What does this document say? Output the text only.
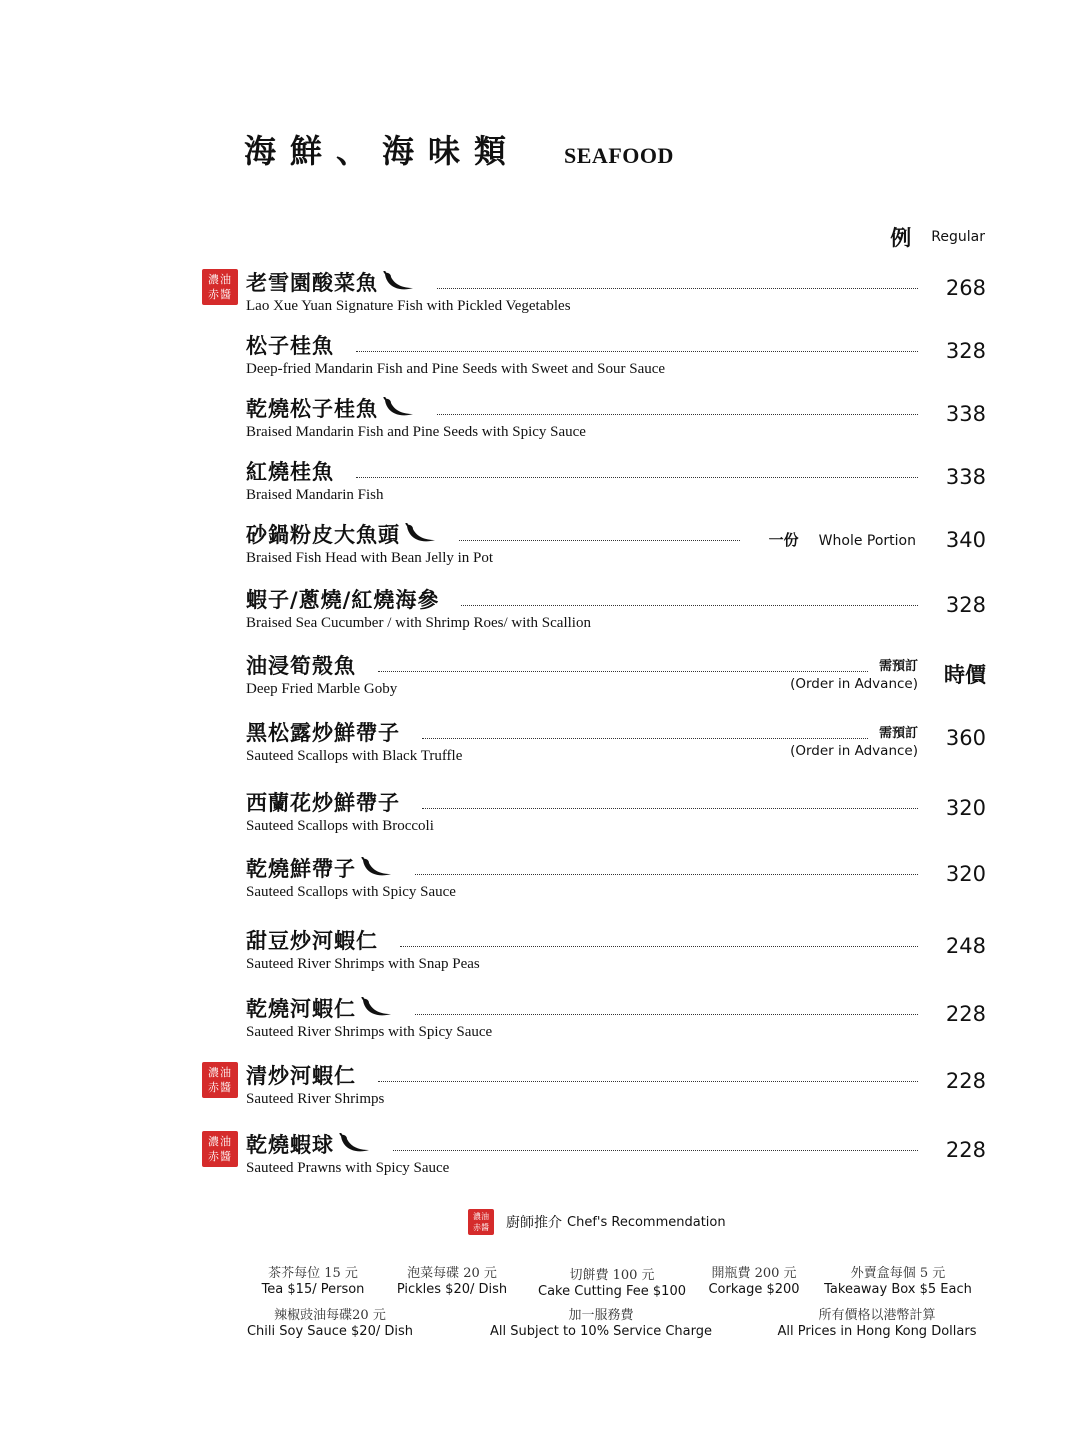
海鮮、海味類 SEAFOOD
例 Regular
濃油
赤醬 老雪園酸菜魚
Lao Xue Yuan Signature Fish with Pickled Vegetables
268
松子桂魚
Deep-fried Mandarin Fish and Pine Seeds with Sweet and Sour Sauce
328
乾燒松子桂魚
Braised Mandarin Fish and Pine Seeds with Spicy Sauce
338
紅燒桂魚
Braised Mandarin Fish
338
砂鍋粉皮大魚頭
Braised Fish Head with Bean Jelly in Pot
一份 Whole Portion 340
蝦子/蔥燒/紅燒海參
Braised Sea Cucumber / with Shrimp Roes/ with Scallion
328
油浸筍殼魚
Deep Fried Marble Goby
需預訂
(Order in Advance) 時價
黑松露炒鮮帶子
Sauteed Scallops with Black Truffle
需預訂
(Order in Advance)
360
西蘭花炒鮮帶子
Sauteed Scallops with Broccoli
320
乾燒鮮帶子
Sauteed Scallops with Spicy Sauce
320
甜豆炒河蝦仁
Sauteed River Shrimps with Snap Peas
248
乾燒河蝦仁
Sauteed River Shrimps with Spicy Sauce
228
濃油
赤醬 清炒河蝦仁
Sauteed River Shrimps
228
濃油
赤醬 乾燒蝦球
Sauteed Prawns with Spicy Sauce
228
濃油
赤醬	廚師推介 Chef's Recommendation
茶芥每位 15 元
Tea $15/ Person
泡菜每碟 20 元
Pickles $20/ Dish
切餅費 100 元
Cake Cutting Fee $100
開瓶費 200 元
Corkage $200
外賣盒每個 5 元
Takeaway Box $5 Each
辣椒豉油每碟20 元
Chili Soy Sauce $20/ Dish
加一服務費
All Subject to 10% Service Charge
所有價格以港幣計算
All Prices in Hong Kong Dollars
